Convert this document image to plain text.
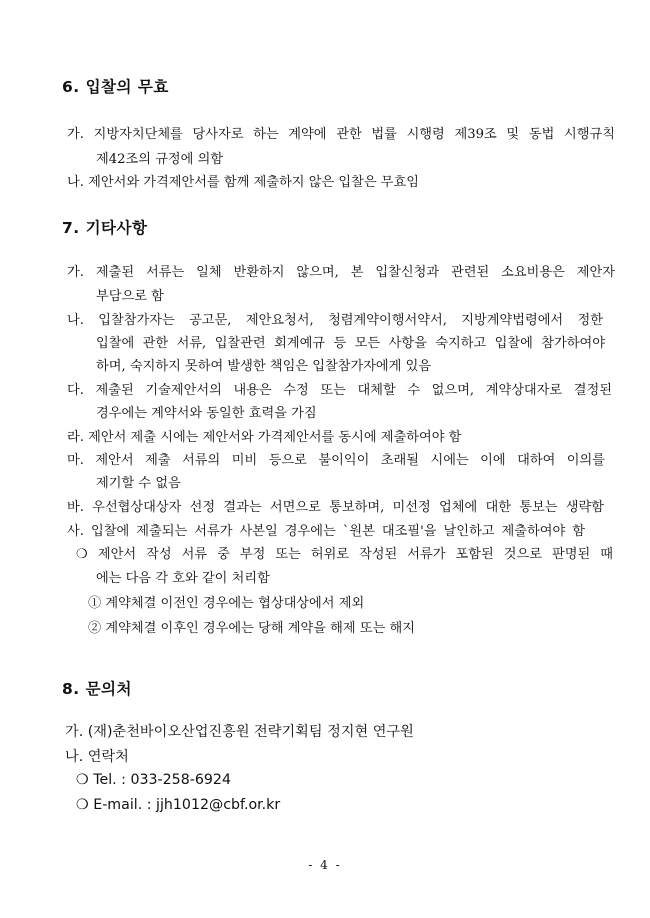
6. 입찰의 무효
가. 지방자치단체를 당사자로 하는 계약에 관한 법률 시행령 제39조 및 동법 시행규칙
제42조의 규정에 의함
나. 제안서와 가격제안서를 함께 제출하지 않은 입찰은 무효임
7. 기타사항
가. 제출된 서류는 일체 반환하지 않으며, 본 입찰신청과 관련된 소요비용은 제안자
부담으로 함
나. 입찰참가자는 공고문, 제안요청서, 청렴계약이행서약서, 지방계약법령에서 정한
입찰에 관한 서류, 입찰관련 회계예규 등 모든 사항을 숙지하고 입찰에 참가하여야
하며, 숙지하지 못하여 발생한 책임은 입찰참가자에게 있음
다. 제출된 기술제안서의 내용은 수정 또는 대체할 수 없으며, 계약상대자로 결정된
경우에는 계약서와 동일한 효력을 가짐
라. 제안서 제출 시에는 제안서와 가격제안서를 동시에 제출하여야 함
마. 제안서 제출 서류의 미비 등으로 불이익이 초래될 시에는 이에 대하여 이의를
제기할 수 없음
바. 우선협상대상자 선정 결과는 서면으로 통보하며, 미선정 업체에 대한 통보는 생략함
사. 입찰에 제출되는 서류가 사본일 경우에는 `원본 대조필'을 날인하고 제출하여야 함
❍ 제안서 작성 서류 중 부정 또는 허위로 작성된 서류가 포함된 것으로 판명된 때
에는 다음 각 호와 같이 처리함
① 계약체결 이전인 경우에는 협상대상에서 제외
② 계약체결 이후인 경우에는 당해 계약을 해제 또는 해지
8. 문의처
가. (재)춘천바이오산업진흥원 전략기획팀 정지현 연구원
나. 연락처
❍ Tel. : 033-258-6924
❍ E-mail. : jjh1012@cbf.or.kr
- 4 -
